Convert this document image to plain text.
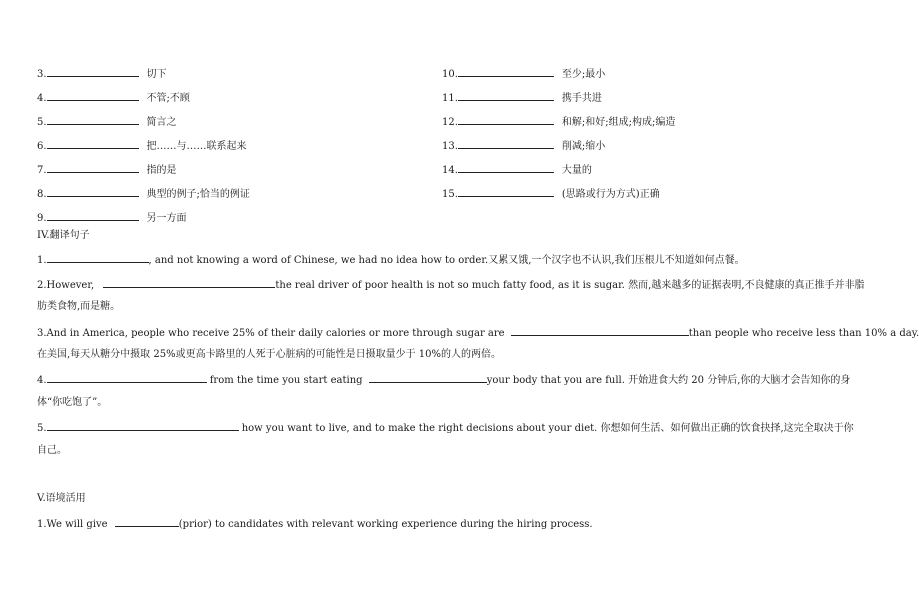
3.	切下
4.	不管;不顾
5.	简言之
6.	把……与……联系起来
7.	指的是
8.	典型的例子;恰当的例证
9.	另一方面
10.	至少;最小
11.	携手共进
12.	和解;和好;组成;构成;编造
13.	削减;缩小
14.	大量的
15.	(思路或行为方式)正确
IV.翻译句子
1.	, and not knowing a word of Chinese, we had no idea how to order.又累又饿,一个汉字也不认识,我们压根儿不知道如何点餐。
2.However,	the real driver of poor health is not so much fatty food, as it is sugar. 然而,越来越多的证据表明,不良健康的真正推手并非脂
肪类食物,而是糖。
3.And in America, people who receive 25% of their daily calories or more through sugar are	than people who receive less than 10% a day.
在美国,每天从糖分中摄取 25%或更高卡路里的人死于心脏病的可能性是日摄取量少于 10%的人的两倍。
4.	from the time you start eating	your body that you are full. 开始进食大约 20 分钟后,你的大脑才会告知你的身
体“你吃饱了”。
5.	how you want to live, and to make the right decisions about your diet. 你想如何生活、如何做出正确的饮食抉择,这完全取决于你
自己。
V.语境活用
1.We will give	(prior) to candidates with relevant working experience during the hiring process.
